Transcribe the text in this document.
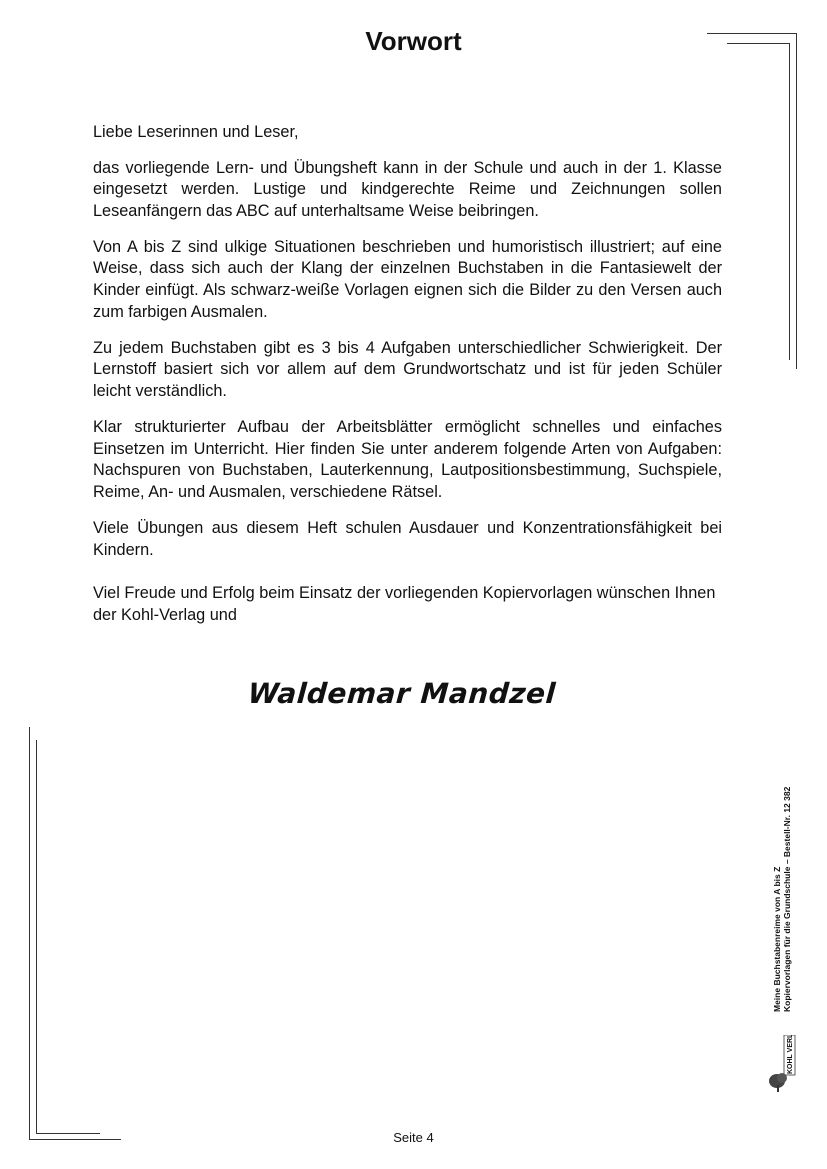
Vorwort

Liebe Leserinnen und Leser,

das vorliegende Lern- und Übungsheft kann in der Schule und auch in der 1. Klasse eingesetzt werden. Lustige und kindgerechte Reime und Zeichnungen sollen Leseanfängern das ABC auf unterhaltsame Weise beibringen.

Von A bis Z sind ulkige Situationen beschrieben und humoristisch illustriert; auf eine Weise, dass sich auch der Klang der einzelnen Buchstaben in die Fantasiewelt der Kinder einfügt. Als schwarz-weiße Vorlagen eignen sich die Bilder zu den Versen auch zum farbigen Ausmalen.

Zu jedem Buchstaben gibt es 3 bis 4 Aufgaben unterschiedlicher Schwierigkeit. Der Lernstoff basiert sich vor allem auf dem Grundwortschatz und ist für jeden Schüler leicht verständlich.

Klar strukturierter Aufbau der Arbeitsblätter ermöglicht schnelles und einfaches Einsetzen im Unterricht. Hier finden Sie unter anderem folgende Arten von Aufgaben: Nachspuren von Buchstaben, Lauterkennung, Lautpositionsbestimmung, Suchspiele, Reime, An- und Ausmalen, verschiedene Rätsel.

Viele Übungen aus diesem Heft schulen Ausdauer und Konzentrationsfähigkeit bei Kindern.

Viel Freude und Erfolg beim Einsatz der vorliegenden Kopiervorlagen wünschen Ihnen der Kohl-Verlag und

Waldemar Mandzel
Meine Buchstabenreime von A bis Z Kopiervorlagen für die Grundschule – Bestell-Nr. 12 382
KOHL VERLAG
Seite 4
